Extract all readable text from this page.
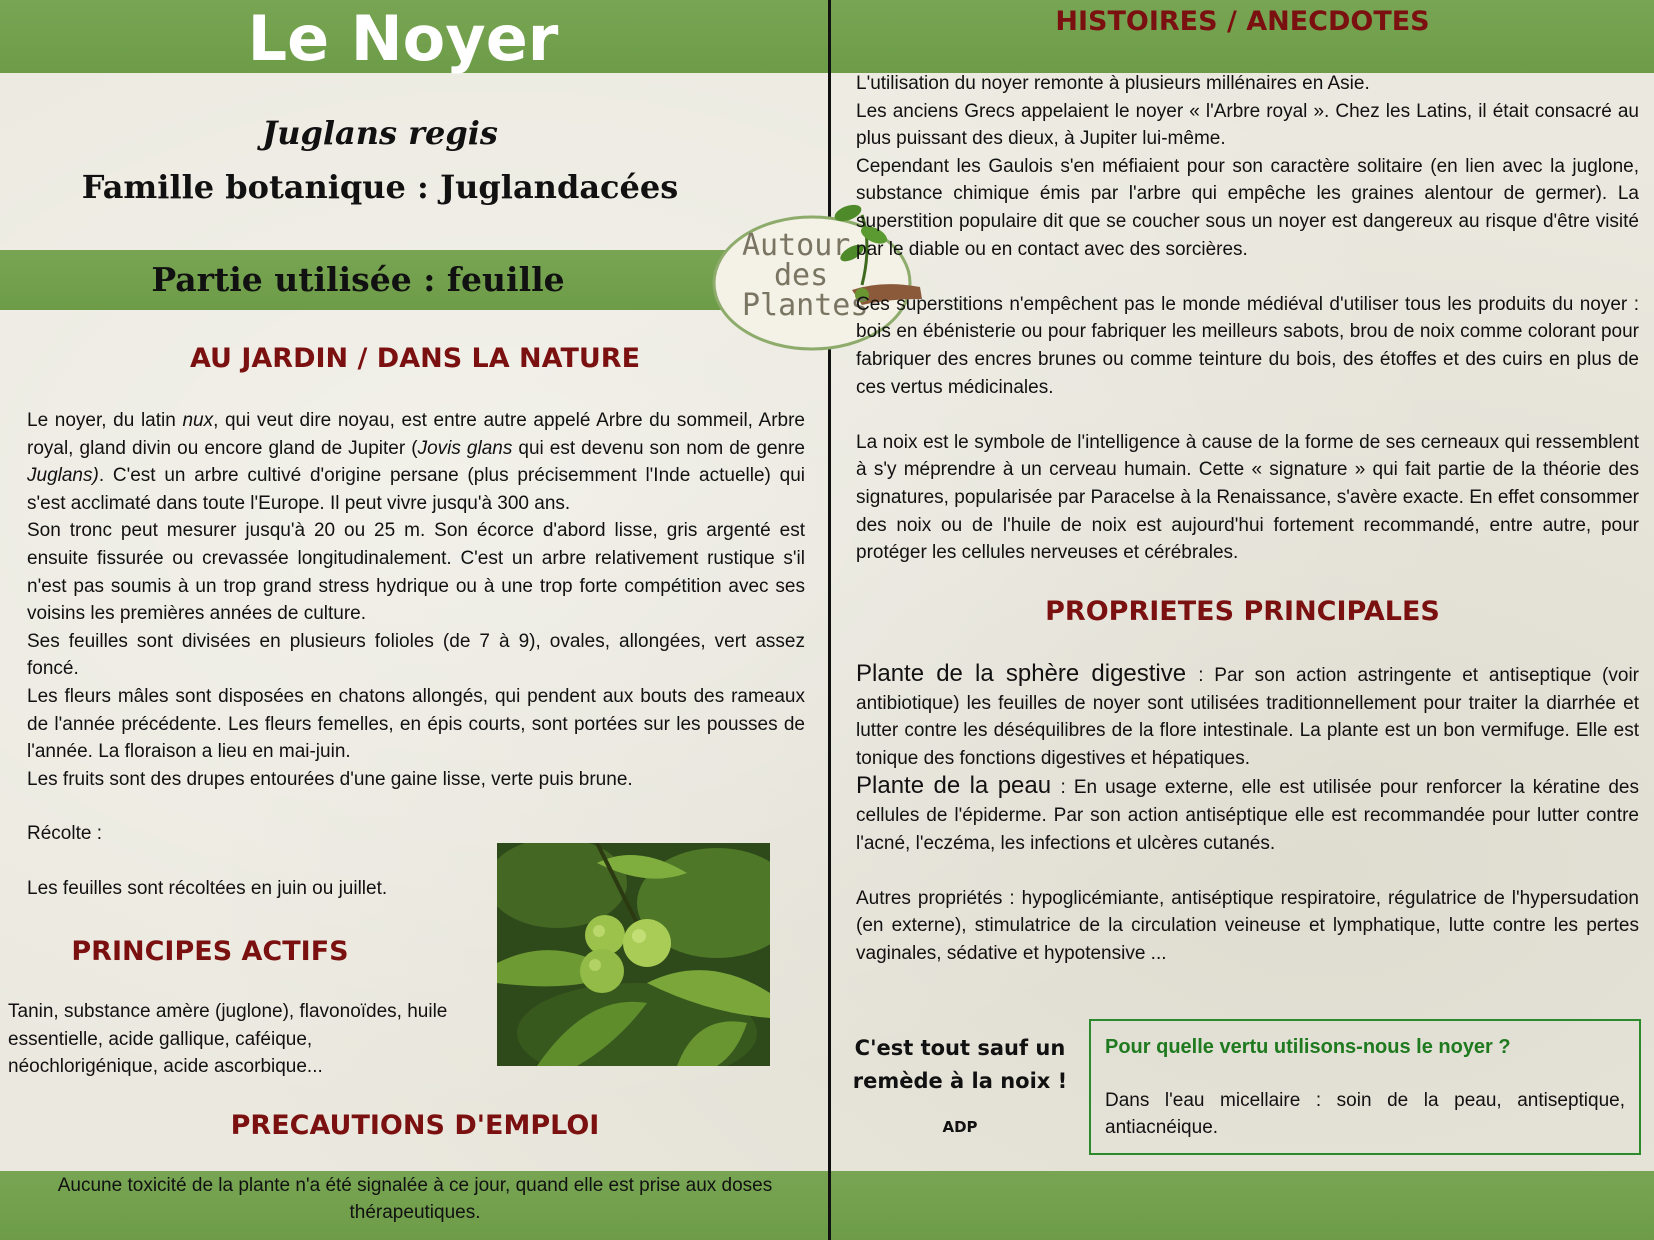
Le Noyer
Juglans regis
Famille botanique : Juglandacées
Partie utilisée : feuille
AU JARDIN / DANS LA NATURE

Le noyer, du latin nux, qui veut dire noyau, est entre autre appelé Arbre du sommeil, Arbre royal, gland divin ou encore gland de Jupiter (Jovis glans qui est devenu son nom de genre Juglans). C'est un arbre cultivé d'origine persane (plus précisemment l'Inde actuelle) qui s'est acclimaté dans toute l'Europe. Il peut vivre jusqu'à 300 ans.

Son tronc peut mesurer jusqu'à 20 ou 25 m. Son écorce d'abord lisse, gris argenté est ensuite fissurée ou crevassée longitudinalement. C'est un arbre relativement rustique s'il n'est pas soumis à un trop grand stress hydrique ou à une trop forte compétition avec ses voisins les premières années de culture.

Ses feuilles sont divisées en plusieurs folioles (de 7 à 9), ovales, allongées, vert assez foncé.

Les fleurs mâles sont disposées en chatons allongés, qui pendent aux bouts des rameaux de l'année précédente. Les fleurs femelles, en épis courts, sont portées sur les pousses de l'année. La floraison a lieu en mai-juin.

Les fruits sont des drupes entourées d'une gaine lisse, verte puis brune.

Récolte :

Les feuilles sont récoltées en juin ou juillet.

PRINCIPES ACTIFS
Tanin, substance amère (juglone), flavonoïdes, huile essentielle, acide gallique, caféique, néochlorigénique, acide ascorbique...
PRECAUTIONS D'EMPLOI
Aucune toxicité de la plante n'a été signalée à ce jour, quand elle est prise aux doses thérapeutiques.
Autour
des
Plantes
HISTOIRES / ANECDOTES

L'utilisation du noyer remonte à plusieurs millénaires en Asie.

Les anciens Grecs appelaient le noyer « l'Arbre royal ». Chez les Latins, il était consacré au plus puissant des dieux, à Jupiter lui-même.

Cependant les Gaulois s'en méfiaient pour son caractère solitaire (en lien avec la juglone, substance chimique émis par l'arbre qui empêche les graines alentour de germer). La superstition populaire dit que se coucher sous un noyer est dangereux au risque d'être visité par le diable ou en contact avec des sorcières.

Ces superstitions n'empêchent pas le monde médiéval d'utiliser tous les produits du noyer : bois en ébénisterie ou pour fabriquer les meilleurs sabots, brou de noix comme colorant pour fabriquer des encres brunes ou comme teinture du bois, des étoffes et des cuirs en plus de ces vertus médicinales.

La noix est le symbole de l'intelligence à cause de la forme de ses cerneaux qui ressemblent à s'y méprendre à un cerveau humain. Cette « signature » qui fait partie de la théorie des signatures, popularisée par Paracelse à la Renaissance, s'avère exacte. En effet consommer des noix ou de l'huile de noix est aujourd'hui fortement recommandé, entre autre, pour protéger les cellules nerveuses et cérébrales.

PROPRIETES PRINCIPALES

Plante de la sphère digestive : Par son action astringente et antiseptique (voir antibiotique) les feuilles de noyer sont utilisées traditionnellement pour traiter la diarrhée et lutter contre les déséquilibres de la flore intestinale. La plante est un bon vermifuge. Elle est tonique des fonctions digestives et hépatiques.

Plante de la peau : En usage externe, elle est utilisée pour renforcer la kératine des cellules de l'épiderme. Par son action antiséptique elle est recommandée pour lutter contre l'acné, l'eczéma, les infections et ulcères cutanés.

Autres propriétés : hypoglicémiante, antiséptique respiratoire, régulatrice de l'hypersudation (en externe), stimulatrice de la circulation veineuse et lymphatique, lutte contre les pertes vaginales, sédative et hypotensive ...

C'est tout sauf un
remède à la noix !
ADP
Pour quelle vertu utilisons-nous le noyer ?
Dans l'eau micellaire : soin de la peau, antiseptique, antiacnéique.
